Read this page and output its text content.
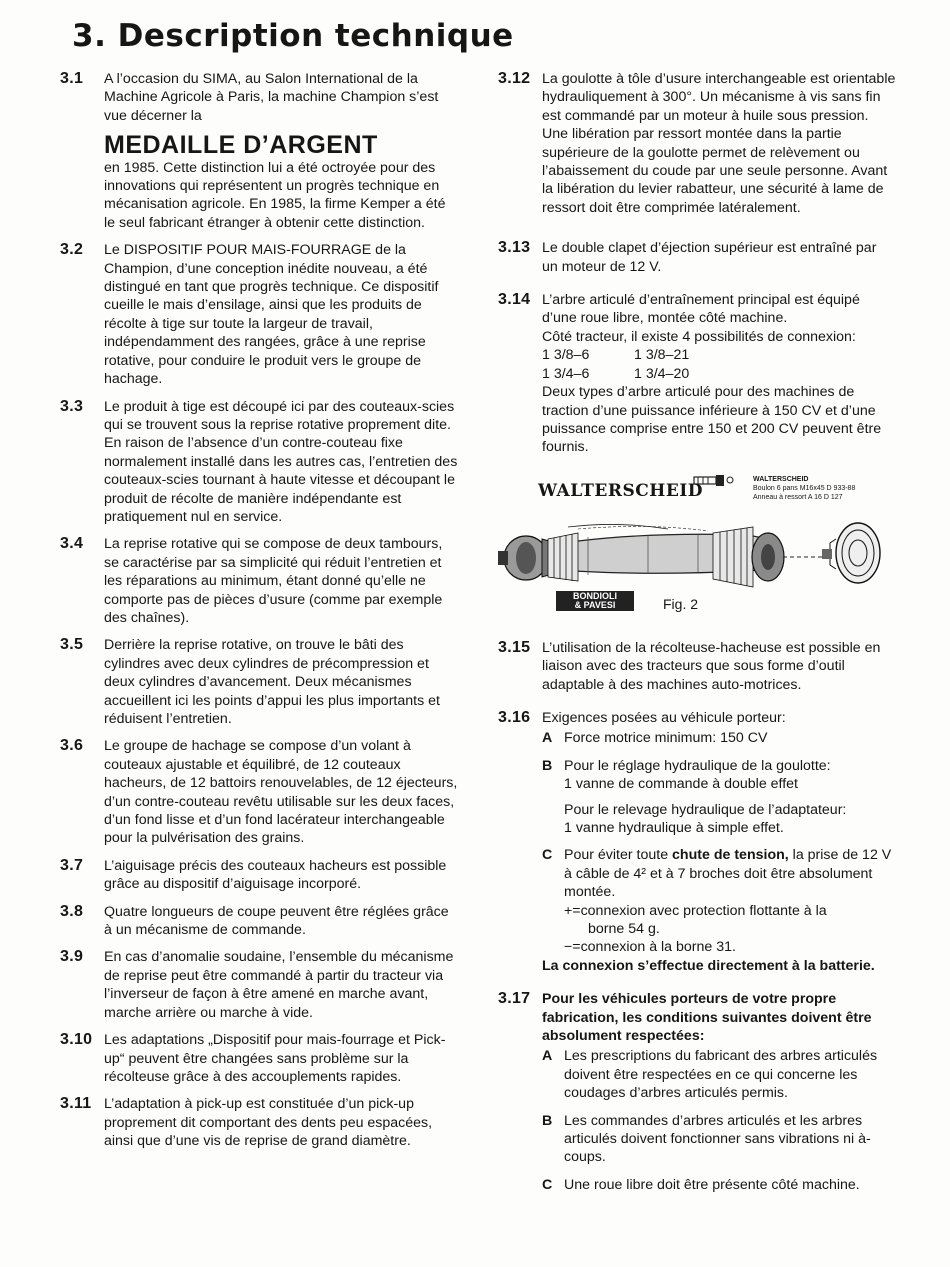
3. Description technique
3.1	A l’occasion du SIMA, au Salon International de la Machine Agricole à Paris, la machine Champion s’est vue décerner la

MEDAILLE D’ARGENT

en 1985. Cette distinction lui a été octroyée pour des innovations qui représentent un progrès technique en mécanisation agricole. En 1985, la firme Kemper a été le seul fabricant étranger à obtenir cette distinction.

3.2	Le DISPOSITIF POUR MAIS-FOURRAGE de la Champion, d’une conception inédite nouveau, a été distingué en tant que progrès technique. Ce dispositif cueille le mais d’ensilage, ainsi que les produits de récolte à tige sur toute la largeur de travail, indépendamment des rangées, grâce à une reprise rotative, pour conduire le produit vers le groupe de hachage.
3.3	Le produit à tige est découpé ici par des couteaux-scies qui se trouvent sous la reprise rotative proprement dite. En raison de l’absence d’un contre-couteau fixe normalement installé dans les autres cas, l’entretien des couteaux-scies tournant à haute vitesse et découpant le produit de récolte de manière indépendante est pratiquement nul en service.
3.4	La reprise rotative qui se compose de deux tambours, se caractérise par sa simplicité qui réduit l’entretien et les réparations au minimum, étant donné qu’elle ne comporte pas de pièces d’usure (comme par exemple des chaînes).
3.5	Derrière la reprise rotative, on trouve le bâti des cylindres avec deux cylindres de précompression et deux cylindres d’avancement. Deux mécanismes accueillent ici les points d’appui les plus importants et réduisent l’entretien.
3.6	Le groupe de hachage se compose d’un volant à couteaux ajustable et équilibré, de 12 couteaux hacheurs, de 12 battoirs renouvelables, de 12 éjecteurs, d’un contre-couteau revêtu utilisable sur les deux faces, d’un fond lisse et d’un fond lacérateur interchangeable pour la pulvérisation des grains.
3.7	L’aiguisage précis des couteaux hacheurs est possible grâce au dispositif d’aiguisage incorporé.
3.8	Quatre longueurs de coupe peuvent être réglées grâce à un mécanisme de commande.
3.9	En cas d’anomalie soudaine, l’ensemble du mécanisme de reprise peut être commandé à partir du tracteur via l’inverseur de façon à être amené en marche avant, marche arrière ou marche à vide.
3.10 Les adaptations „Dispositif pour mais-fourrage et Pick-up“ peuvent être changées sans problème sur la récolteuse grâce à des accouplements rapides.
3.11 L’adaptation à pick-up est constituée d’un pick-up proprement dit comportant des dents peu espacées, ainsi que d’une vis de reprise de grand diamètre.
3.12 La goulotte à tôle d’usure interchangeable est orientable hydrauliquement à 300°. Un mécanisme à vis sans fin est commandé par un moteur à huile sous pression.

Une libération par ressort montée dans la partie supérieure de la goulotte permet de relèvement ou l’abaissement du coude par une seule personne. Avant la libération du levier rabatteur, une sécurité à lame de ressort doit être comprimée latéralement.

3.13 Le double clapet d’éjection supérieur est entraîné par un moteur de 12 V.
3.14 L’arbre articulé d’entraînement principal est équipé d’une roue libre, montée côté machine.

Côté tracteur, il existe 4 possibilités de connexion:

1 3/8–6	1 3/8–21
1 3/4–6	1 3/4–20

Deux types d’arbre articulé pour des machines de traction d’une puissance inférieure à 150 CV et d’une puissance comprise entre 150 et 200 CV peuvent être fournis.

WALTERSCHEID
WALTERSCHEID
Boulon 6 pans M16x45 D 933-88
Anneau à ressort A 16 D 127
BONDIOLI
& PAVESI	Fig. 2
3.15 L’utilisation de la récolteuse-hacheuse est possible en liaison avec des tracteurs que sous forme d’outil adaptable à des machines auto-motrices.
3.16 Exigences posées au véhicule porteur:

A Force motrice minimum: 150 CV
B Pour le réglage hydraulique de la goulotte:

1 vanne de commande à double effet

Pour le relevage hydraulique de l’adaptateur:

1 vanne hydraulique à simple effet.

C Pour éviter toute chute de tension, la prise de 12 V à câble de 4² et à 7 broches doit être absolument montée.
+=connexion avec protection flottante à la
borne 54 g.
−=connexion à la borne 31.

La connexion s’effectue directement à la batterie.

3.17 Pour les véhicules porteurs de votre propre fabrication, les conditions suivantes doivent être absolument respectées:

A Les prescriptions du fabricant des arbres articulés doivent être respectées en ce qui concerne les coudages d’arbres articulés permis.
B Les commandes d’arbres articulés et les arbres articulés doivent fonctionner sans vibrations ni à-coups.
C Une roue libre doit être présente côté machine.
